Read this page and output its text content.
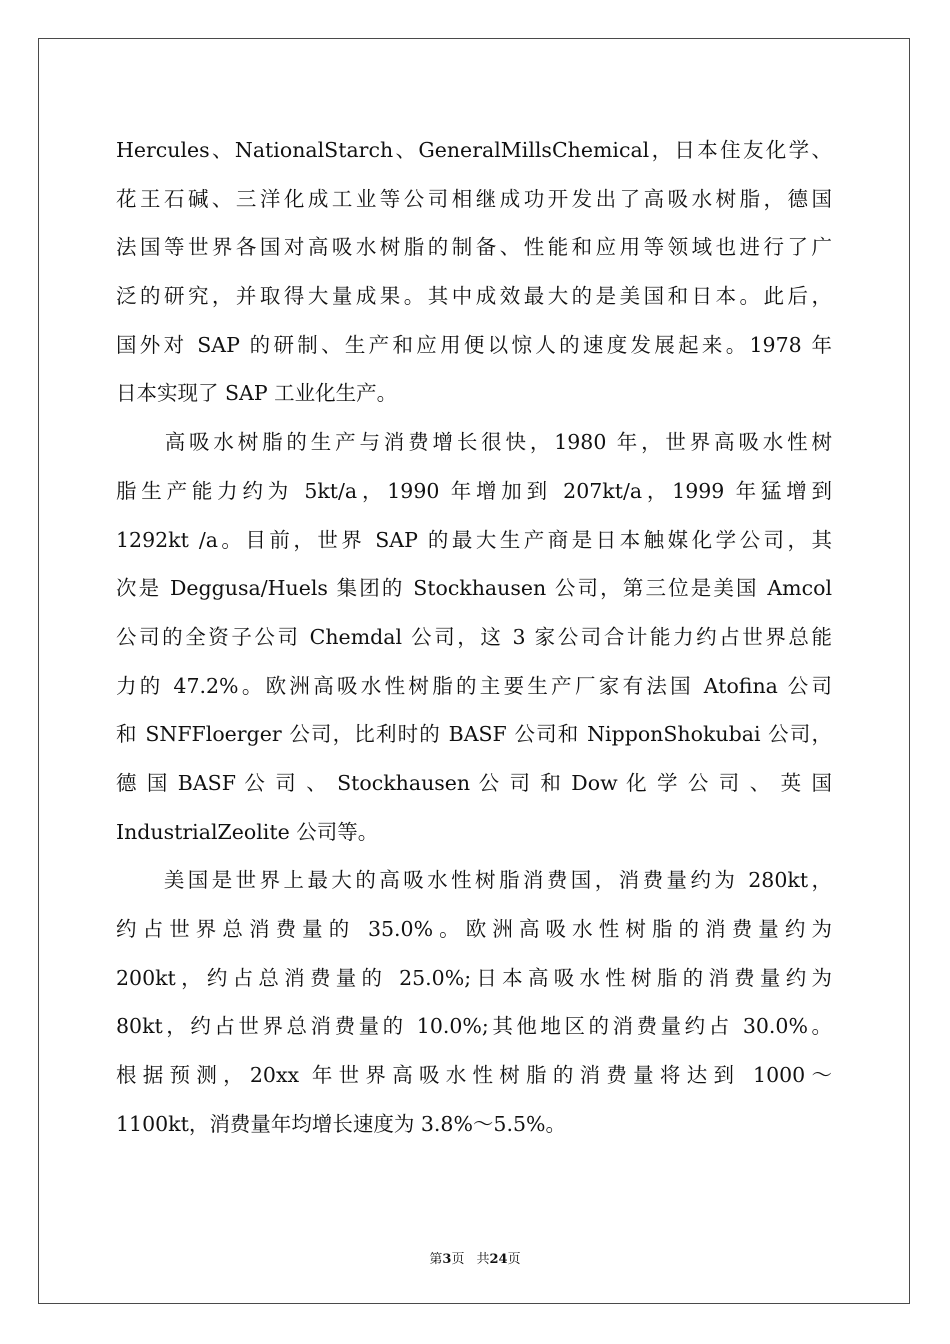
Hercules、NationalStarch、GeneralMillsChemical，日本住友化学、
花王石碱、三洋化成工业等公司相继成功开发出了高吸水树脂，德国
法国等世界各国对高吸水树脂的制备、性能和应用等领域也进行了广
泛的研究，并取得大量成果。其中成效最大的是美国和日本。此后，
国外对 SAP 的研制、生产和应用便以惊人的速度发展起来。1978 年
日本实现了 SAP 工业化生产。
　　高吸水树脂的生产与消费增长很快，1980 年，世界高吸水性树
脂生产能力约为 5kt/a，1990 年增加到 207kt/a，1999 年猛增到
1292kt /a。目前，世界 SAP 的最大生产商是日本触媒化学公司，其
次是 Deggusa/Huels 集团的 Stockhausen 公司，第三位是美国 Amcol
公司的全资子公司 Chemdal 公司，这 3 家公司合计能力约占世界总能
力的 47.2%。欧洲高吸水性树脂的主要生产厂家有法国 Atofina 公司
和 SNFFloerger 公司，比利时的 BASF 公司和 NipponShokubai 公司，
德 国 BASF 公 司 、 Stockhausen 公 司 和 Dow 化 学 公 司 、 英 国
IndustrialZeolite 公司等。
　　美国是世界上最大的高吸水性树脂消费国，消费量约为 280kt，
约占世界总消费量的 35.0%。欧洲高吸水性树脂的消费量约为
200kt，约占总消费量的 25.0%;日本高吸水性树脂的消费量约为
80kt，约占世界总消费量的 10.0%;其他地区的消费量约占 30.0%。
根据预测，20xx 年世界高吸水性树脂的消费量将达到 1000～
1100kt，消费量年均增长速度为 3.8%～5.5%。
第3页 共24页
